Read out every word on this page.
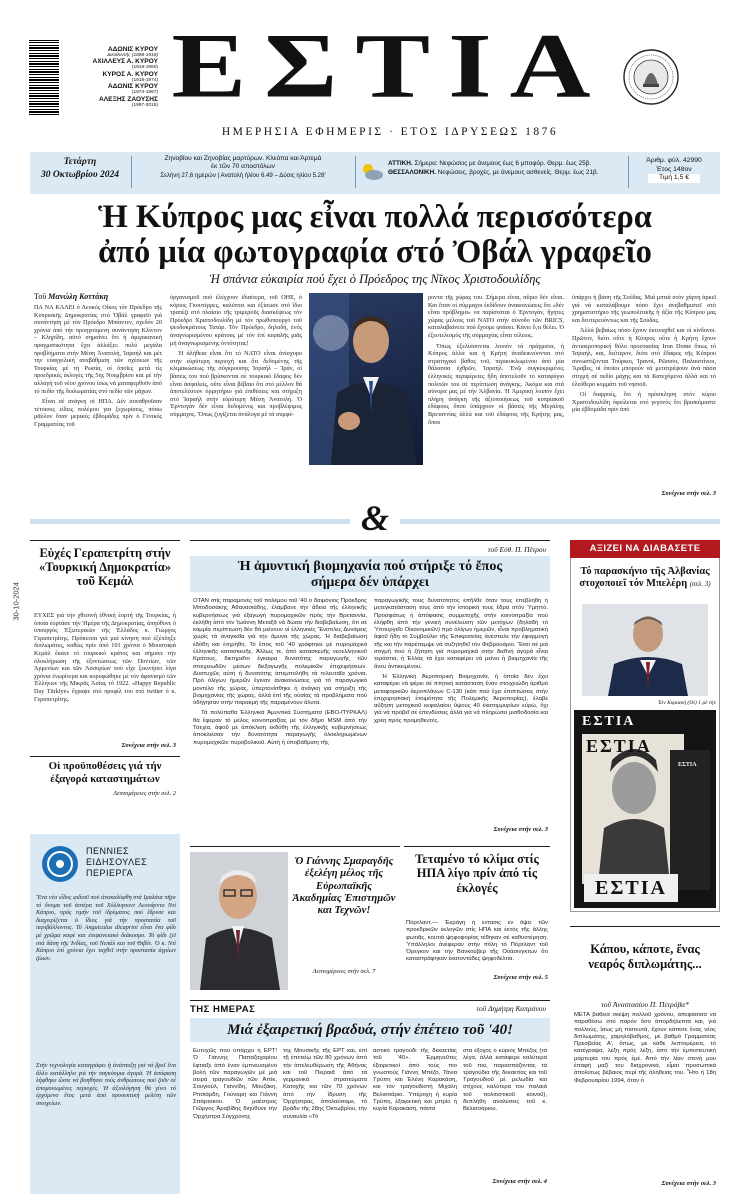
ΑΔΩΝΙΣ ΚΥΡΟΥ
Διευθυντής (1898-1918)
ΑΧΙΛΛΕΥΣ Α. ΚΥΡΟΥ
(1918-1950)
ΚΥΡΟΣ Α. ΚΥΡΟΥ
(1918-1974)
ΑΔΩΝΙΣ ΚΥΡΟΥ
(1974-1997)
ΑΛΕΞΗΣ ΖΑΟΥΣΗΣ
(1997-2015) ΕΣΤΙΑ
ΗΜΕΡΗΣΙΑ ΕΦΗΜΕΡΙΣ · ΕΤΟΣ ΙΔΡΥΣΕΩΣ 1876
Τετάρτη
30 Οκτωβρίου 2024
Ζηνοβίου και Ζηνοβίας μαρτύρων. Κλεόπα και Άρτεμά
έκ τῶν 70 αποστόλων
Σελήνη 27,6 ημερών | Ανατολή ήλίου 6.49 – Δύσις ηλίου 5.28'
ΑΤΤΙΚΗ. Σήμερα: Νεφώσεις με άνεμους έως 6 μποφόρ. Θερμ. έως 25β.
ΘΕΣΣΑΛΟΝΙΚΗ. Νεφώσεις, βροχές, με άνεμους ασθενείς. Θερμ. έως 21β.
Άριθμ. φύλ. 42990
Έτος 148ον
Τιμή 1,5 €
Ἡ Κύπρος μας εἶναι πολλά περισσότερα
ἀπό μία φωτογραφία στό Ὀβάλ γραφεῖο
Ἡ σπάνια εὐκαιρία πού ἔχει ὁ Πρόεδρος της Νῖκος Χριστοδουλίδης
Τοῦ Μανώλη Κοττάκη

ΠΑ ΝΑ ΚΑΛΕΙ ὁ Λευκός Οἶκος τόν Πρόεδρο τῆς Κυπριακῆς Δημοκρατίας στό Ὀβάλ γραφεῖο γιά συνάντηση μέ τόν Πρόεδρο Μπάιντεν, σχεδόν 20 χρόνια ἀπό τήν προηγούμενη συνάντηση Κλίντον – Κληρίδη, αὐτό σημαίνει ὅτι ἡ ἀμερικανική πραγματικότητα ἔχει ἀλλάξει: πολύ μεγάλα προβλήματα στήν Μέση Ἀνατολή, Ἰσραήλ και μέτ την εὐαγγελική αναβάθμιση τῶν σχέσεων τῆς Τουρκίας μέ τή Ρωσία, οἱ ὁποῖες μετά τίς προεδρικές ἐκλογές τῆς 5ης Νοεμβρίου και μέ τήν αλλαγή τοῦ νέου χρόνου ίσως νά ματαφερθοῦν ἀπό τό πεδίο τῆς διπλωματίας στό πεδίο τῶν μάχων.

Εἶναι σέ ανάγκη οἱ ΗΠΑ. Δέν συναθροῖσαν τέτοιους εἰδεις πολέμου για ξεχωρίσεις, πόσω μᾶλλον ὅταν μερικές ἐβδομάδες πρίν ὁ Γενικός Γραμματέας τοῦ

ὀργανισμοῦ πού ἐλέγχουν ἰδιαίτερα, τοῦ ΟΗΕ, ὁ κύριος Γκουτέρρες, καλύπτει και ἐξίσωσε στό ἴδιο τραπέζι στό πλαίσιο τῆς τριμεροῦς διασκέψεως τόν Πρόεδρο Χριστοδουλίδη μέ τόν πρωθυπουργό τοῦ ψευδοκράτους Τατάρ. Τόν Πρόεδρο, δηλαδή, ἑνός ἀναγνωρισμένου κράτους μέ τόν ἐπί κεφαλῆς μιᾶς μή ἀναγνωρισμένης ὀντότητας!

Ἡ ἀλήθεια εἶναι ὅτι τό ΝΑΤΟ εἶναι ἀνίσχυρο στήν εὐρύτερη περιοχή και ὅτι δεδομένης τῆς κλιμακώσεως τῆς σύγκρουσης Ἰσραήλ – Ἰράν, οἱ βάσεις του πού βρίσκονται σέ τουρκικό ἔδαφος δέν εἶναι ἀσφαλείς, οὔτε εἶναι βέβαιο ὅτι στό μέλλον θά ἀποτελέσουν ὀρμητήριο γιά ἐπιθέσεις και στήριξη στό Ἰσραήλ στήν εὐρύτερη Μέση Ἀνατολή. Ὁ Ἐρντογάν δέν εἶναι δεδομένος και προβλέψιμος σύμμαχος. Ὅπως ζυγίζεται ἀνάλογα μέ τά συμφέ-

ροντα τῆς χώρας του. Σήμερα εἶναι, αὔριο δέν εἶναι. Και ὅταν οἱ σύμμαχοι ἐκδίδουν ἀνακοινώσεις ὅτι «δέν εἶναι πρόβλημα» να παρίσταται ὁ Ἐρντογάν, ἤγητες χώρας μέλους τοῦ ΝΑΤΟ στήν σύνοδο τῶν BRICS, καταλαβαίνετε πού ἔχουμε φτάσει. Κάνει ὅ,τι θέλει. Ὁ ἐξευτελισμός τῆς συμμαχίας εἶναι τέλειος.

Ὅπως ἐξελίσσονται λοιπόν τά πράγματα, ἡ Κύπρος ἀλλά και ἡ Κρήτη ἀναδεικνύονται στό στρατηγικό βάθος τοῦ, περικυκλωμένου ἀπό μία θάλασσα ἐχθρῶν, Ἰσραήλ. Ἐνῷ συγκεκριμένες ἑλληνικές περιφέρειες ἤδη ἀποτελοῦν τό καταφύγιο πολιτῶν του σέ περίπτωση ἀνάγκης. Ἀκόμα και στά σύνορα μας μέ τήν Ἀλβανία. Ἡ Ἀμερική λοιπόν ἔχει πλήρη ἀνάγκη τῆς ἀξιοποιήσεως τοῦ κυπριακοῦ ἐδάφους ὅπου ὑπάρχουν οἱ βάσεις τῆς Μεγάλης Βρεταννίας ἀλλά και τοῦ ἐδάφους τῆς Κρήτης μας, ὅπου

ὑπάρχει ἡ βάση τῆς Σούδας. Μιά μπτιά στόν χάρτη ἀρκεῖ γιά νά καταλάβουμε πόσο ἔχει ἀνεβαθμιστεῖ στό χρηματιστήριο τῆς γεωπολιτικῆς ἡ ἀξία τῆς Κύπρου μας και δευτερευόντως και τῆς Σούδας.

Ἀλλά βεβαίως πόσο ἔχουν ἐκτιναχθεῖ και οἱ κίνδυνοι. Πρῶτον, διότι οὔτε ἡ Κύπρος οὔτε ἡ Κρήτη ἔχουν ἀντιαεροπορική θόλο προστασίας Iron Dome ὅπως τό Ἰσραήλ, και, δεύτερον, διότι στό ἔδαφος τῆς Κύπρου συνωστίζονται Τούρκοι, Ἰρανοί, Ρῶσσοι, Παλαιστίνιοι, Ἄραβες, οἱ ὁποῖοι μπορούν νά μετατρέψουν ἀνά πάσα στιγμή σέ πεδίο μάχης και τά Κατεχόμενα ἀλλά και τό ἐλεύθερο κομμάτι τοῦ νησιοῦ.

Οἱ διαρροές, ὅτι ἡ πρόσκληση στόν κύριο Χριστοδουλίδη ὀφείλεται στό γεγονός ὅτι βρισκόμαστε μία ἐβδομάδα πρίν ἀπό

Συνέχεια στήν σελ. 3
&
30-10-2024
Εὐχές Γεραπετρίτη στήν «Τουρκική Δημοκρατία» τοῦ Κεμάλ
ΕΥΧΕΣ γιά τήν χθεσινή ἐθνική ἑορτή τῆς Τουρκίας, ἡ ὁποία ἑορτάσε τήν Ἡμέρα τῆς Δημοκρατίας, ἀπηύθυνε ὁ ὑπουργός Ἐξωτερικῶν τῆς Ἑλλάδος κ. Γιώργος Γεραπετρίτης. Πρόκειται γιά μιά κίνηση πού ἐξέπληξε διπλωμάτες, καθώς πρίν ἀπό 101 χρόνια ὁ Μουσταφά Κεμάλ ἔκανε τό τουρκικό κράτος και σήμανε τήν ὁλοκλήρωση τῆς ἐξοντώσεως τῶν Ποντίων, τῶν Ἀρμενίων και τῶν Ἀσσυρίων πού εἶχε ξεκινήσει λίγα χρόνια ἐνωρίτερα και κορυφώθηκε μέ τόν ἀφανισμό τῶν Ἑλλήνων τῆς Μικρᾶς Ἀσίας τό 1922. «Happy Republic Day Türkiye» ἔγραψε στό προφίλ του στό twitter ὁ κ. Γεραπετρίτης.
Συνέχεια στήν σελ. 3
Οἱ προϋποθέσεις γιά τήν ἐξαγορά καταστημάτων
Λεπτομέρειες στήν σελ. 2
ΠΕΝΝΙΕΣ
ΕΙΔΗΣΟΥΛΕΣ
ΠΕΡΙΕΡΓΑ
Ἕνα νέο εἶδος φιδιοῦ πού ἀνακαλύφθη στά Ιμαλάια πῆρε τό ὄνομα τοῦ ἀστέρα τοῦ Χόλλυγουντ Λεονάρντο Ντί Κάπριο, πρός τιμήν τοῦ ἱδρύματος πού ἔδρυσε και διαχειρίζεται ὁ ἴδιος γιά τήν προστασία τοῦ περιβάλλοντος. Τό Anguiculus dicaprioi εἶναι ἕνα φίδι μέ χρῶμα καφέ και ἐπιφανειακό διάκοσμο. Τό φίδι ζεῖ στά δάση τῆς Ἰνδίας, τοῦ Νεπάλ και τοῦ Θιβέτ. Ὁ κ. Ντί Κάπριο ἐπί χρόνια ἔχει ταχθεῖ στήν προστασία ἀγρίων ζώων.
Στήν τεχνολογία καταγράφει ἡ ἀνάπτυξη γιά νά βρεῖ ἕνα ἄλλο κατάλληλο γιά τήν παγκόσμια ἀγορά. Ἡ ἀπόφαση λήφθηκε ὥστε νά βοηθήσει τούς ἀνθρώπους πού ζοῦν σέ ἀπομονωμένες περιοχές. Ἡ ἀξιολόγηση θά γίνει τό ἐρχόμενο ἔτος μετά ἀπό προσεκτική μελέτη τῶν στοιχείων.
τοῦ Εὐθ. Π. Πέτρου
Ἡ ἀμυντική βιομηχανία πού στήριξε τό ἔπος
σήμερα δέν ὑπάρχει

ΟΤΑΝ στίς παραμονές τοῦ πολέμου τοῦ '40 ὁ δαιμόνιος Πρόεδρος Μποδοσάκης Ἀθανασιάδης, ἐλάμβανε τήν ἄδεια τῆς ἑλληνικῆς κυβερνήσεως γιά ἐξαγωγή πυρομαχικῶν πρός τήν Βρεταννία, ἐκλήθη ἀπό τόν Ἰωάννη Μεταξᾶ νά δώσει τήν διαβεβαίωση, ὅτι σέ καμμία περίπτωση δέν θά μείνουν οἱ ἑλληνικές Ἔνοπλες Δυνάμεις χωρίς τά ἀναγκαῖα γιά τήν ἄμυνα τῆς χώρας. Ἡ διαβεβαίωση ἐδόθη και ἐτηρήθη. Τό ἔπος τοῦ '40 γράφτηκε μέ πυρομαχικά ἑλληνικῆς κατασκευῆς. Ἀλλως τε, ἀπό κατασκευῆς νεοελληνικοῦ Κράτους, διετηρεῖτο ἔγκαιρα δυνατότης παραγωγῆς τῶν στοιχειωδῶν μέσων διεξαγωγῆς πολεμικῶν ἐπιχειρήσεων. Δυστυχῶς αὐτή ἡ δυνατότης ἀπεμπολήθη τά τελευταῖα χρόνια. Πρό ὀλίγων ἡμερῶν ἔγιναν ἀνακοινώσεις γιά τό παραγωγικό μοντέλο τῆς χώρας, ὑπερτονίσθηκε ἡ ἀνάγκη γιά στήριξη τῆς βιομηχανίας τῆς χώρας, ἀλλά ἐπί τῆς οὐσίας τά προβλήματα πού ὁδήγησαν στήν παρακμή τῆς παραμένουν ἄλυτα.

Τά πολύπαθα Ἑλληνικά Ἀμυντικά Συστήματα (ΕΒΟ-ΠΥΡΚΑΛ) θά ἔφεραν τό μέλος κοινοπραξίας μέ τόν δῆμο MSM ἀπό τήν Τσεχία, ἀφοῦ μέ ἀπόκλιση ἐκδόθη τῆς ἑλληνικῆς κυβερνήσεως ἀποκλείσαν τήν δυνατότητα παραγωγῆς ὁλοκληρωμένων πυρομαχικῶν πυροβολικοῦ. Αὐτή ἡ ὑποβάθμιση τῆς

παραγωγικῆς τους δυνατότητος ἐπῆλθε ὅταν τούς ἐπεβλήθη ἡ μετεγκατάσταση τους ἀπό τήν ἱστορική τους ἕδρα στόν Ὑμηττό. Προσφάτως ἡ ἀπόφασις συμμετοχῆς στήν κοινοπραξία πού ἐλήφθη ἀπό τήν γενική συνέλευση τῶν μετόχων (δηλαδή τό Ὑπουργεῖο Οἰκονομικῶν) πρό ὀλίγων ἡμερῶν, εἶναι προβληματική ἀφοῦ ἤδη τό Συμβούλιο τῆς Ἐπικρατείας ἀνέστειλε τήν ἐφαρμογή τῆς και τήν παρέπεμψε νά συζητηθεῖ τόν Φεβρουάριο. Ἔτσι σέ μιά στιγμή πού ἡ ζήτηση γιά πυρομαχικά στήν διεθνή ἀγορά εἶναι τεράστια, ἡ Ἑλλάς τά ἔχει καταφέρει νά μείνει ἡ βιομηχανία τῆς ἄνευ ἀντικειμένου.

Ἡ Ἑλληνική Ἀεροπορική Βιομηχανία, ἡ ὁποία δέν ἔχει καταφέρει νά φέρει σέ πτητική κατάσταση ἕναν στοιχειώδη ἀριθμό μεταφορικῶν ἀεροπλάνων C-130 (κάτι πού ἔχει ἐπιπτώσεις στήν ἐπιχειρησιακή ἑτοιμότητα τῆς Πολεμικῆς Ἀεροπορίας), ἔλαβε αὔξηση μετοχικοῦ κεφαλαίου ὕψους 40 ἑκατομμυρίων εὐρώ, ὄχι γιά νά προβεῖ σέ ἐπενδύσεις ἀλλά γιά νά πληρώσει μισθοδοσία και χρέη πρός προμηθευτές.

Συνέχεια στήν σελ. 3
Ὁ Γιάννης Σμαραγδῆς ἐξελέγη μέλος τῆς Εὐρωπαϊκῆς Ἀκαδημίας Ἐπιστημῶν και Τεχνῶν!
Λεπτομέρειες στήν σελ. 7
Τεταμένο τό κλίμα στίς ΗΠΑ λίγο πρίν ἀπό τίς ἐκλογές
Πόρτλαντ.— Ἐκράγη ἡ ἐντασις ἐν ὄψει τῶν προεδρικῶν ἐκλογῶν στίς ΗΠΑ και ἐκτός τῆς ἄλλης φωτιᾶς, κουτιά ψηφοφορίας τέθηκαν σέ καθυστέρηση. Ὑπάλληλοι ἀνέφεραν στήν πόλη τό Πόρτλαντ τοῦ Ὁρεγκον και τήν Βανκούβερ τῆς Οὐάσινγκτων ὅτι καταστράφηκαν ἐκατοντάδες ψηφοδέλτια.
Συνέχεια στήν σελ. 5
ΑΞΙΖΕΙ ΝΑ ΔΙΑΒΑΣΕΤΕ
Τό παρασκήνιο τῆς Ἀλβανίας στοχοποιεῖ τόν Μπελέρη (σελ. 3)
Τόν Κυριακή (Οἱ) 1 μέ τήν
ΕΣΤΙΑ
ΕΣΤΙΑ
ΕΣΤΙΑ
ΕΣΤΙΑ
Κάπου, κάποτε, ἕνας νεαρός διπλωμάτης...
τοῦ Ἀναστασίου Π. Πετρόβα*
ΜΕΤΑ βαθειά σκέψη πολλοῦ χρόνου, ἀπεφάσισα να παραθέσω στό παρόν ὅσο ἀπορδήλεπτα και, γιά πολλούς, ἴσως μή πιστευτά, ἔχουν κάποτε ἕνας νέος διπλωμάτης, χαμηλόβαθμος, μέ βαθμό Γραμματέας Πρεσβείας Α', ὅπως, με κάθε λεπτομέρεια, τό κατέγραψα, λέξη πρός λέξη, ἀπό τήν ἐμπιστευτική μαρτυρία του πρός ἐμέ. Ἀπό τήν λίαν στενή μου ἐπαφή μαζί του διαχρονικά, εἶμαι προσωπικά ἀπολύτως βέβαιος περί τῆς ἀλήθειας του. Ἦτο ἡ 18η Φεβρουαρίου 1994, ὅταν ὁ
Συνέχεια στήν σελ. 3
ΤΗΣ ΗΜΕΡΑΣ	τοῦ Δημήτρη Καπράνου
Μιά ἐξαιρετική βραδυά, στήν ἐπέτειο τοῦ '40!
Εὐτυχῶς πού ὑπάρχει ἡ ΕΡΤ! Ὁ Γιάννης Παπαζαχαρίου ἔφτιαξε ἀπό ἕναν ἐμπνευσμένο βολή τῶν παραγωγῶν μέ μιά σειρά τραγουδιῶν τῶν Ἀττίκ, Σουγιούλ, Γιαννίδη, Μουζάκη, Ριτσιάρδη, Γούναρη και Γιάννη Σπάρτακου. Ὁ μαέστρος Γιῶργος Ἀραβίδης διηύθυνε τήν Ὀρχήστρα Σύγχρονης
της Μουσικῆς τῆς ΕΡΤ και, ἐπί τῇ ἐπετείῳ τῶν 80 χρόνων ἀπό τήν ἀπελευθέρωση τῆς Ἀθήνας και τοῦ Πειραιᾶ ἀπό τά γερμανικά στρατεύματα Κατοχῆς και τῶν 70 χρόνων ἀπό τήν ἵδρυση τῆς Ὀρχήστρας, ἀπολαύσαμε, τό βράδυ τῆς 28ης Ὀκτωβρίου, τήν συναυλία «Τό
ἀστικό τραγούδι τῆς δεκαετίας τοῦ '40». Ἑρμηνεῦτες ἐξαιρετικοί ἀπό τούς πιο γνωστούς Γιάννη Μπέζο, Τάνια Τρύπη και Ἑλένη Καρακάση, και τόν τραγουδιστή Μιχάλη Βελισσάριο. Ὑπέροχη ἡ κυρία Τρύπη, ἐξαιρετική και μπρίο ἡ κυρία Καρακάση, πάντα
στα ἑξοχος ὁ κύριος Μπέζος (τά λέγα, ἀλλά κατάφερε καλύτερα τοῦ πιο, παρασπάζοντας τά τραγούδια τῆς δεκαετίας και τοῦ Τραγουδιοῦ μέ μελωδία και στίχους καλύτερα του παλαιά τοῦ πολιτιστικοῦ κοινοῦ), δεπλήθη αναλύσεις τοῦ κ. Βελισσάριου.
Συνέχεια στήν σελ. 4
